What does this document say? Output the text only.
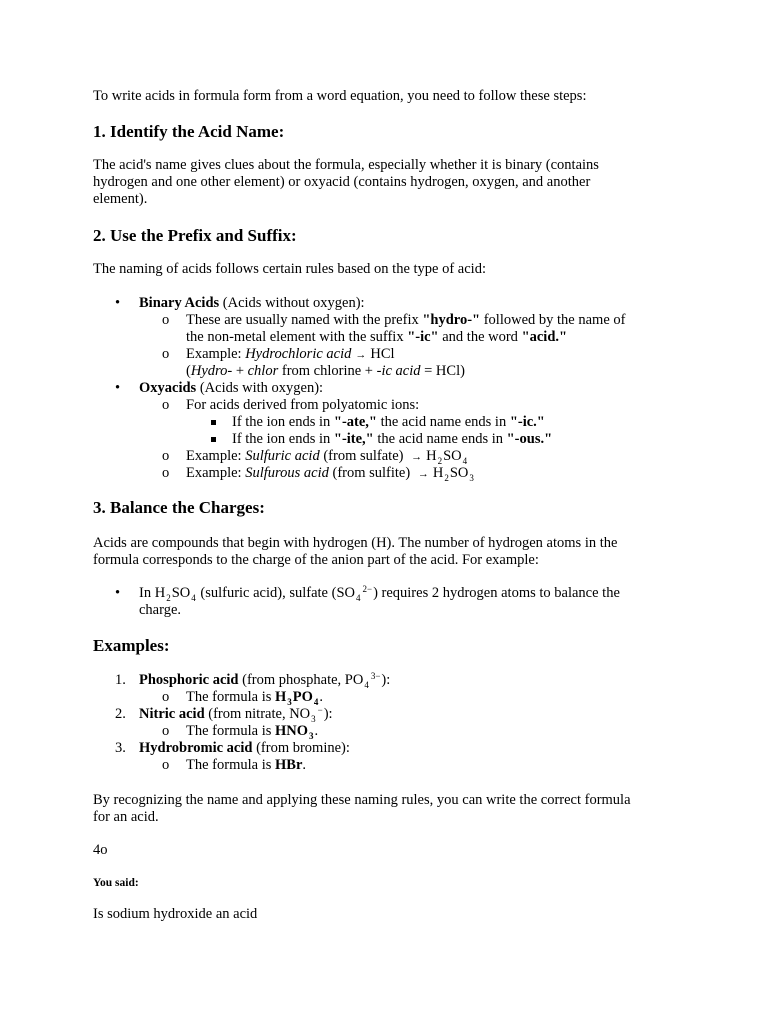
To write acids in formula form from a word equation, you need to follow these steps:

1. Identify the Acid Name:
The acid's name gives clues about the formula, especially whether it is binary (contains
hydrogen and one other element) or oxyacid (contains hydrogen, oxygen, and another
element).
2. Use the Prefix and Suffix:
The naming of acids follows certain rules based on the type of acid:
•	Binary Acids (Acids without oxygen):
o	These are usually named with the prefix "hydro-" followed by the name of
the non-metal element with the suffix "-ic" and the word "acid."
o	Example: Hydrochloric acid → HCl
(Hydro- + chlor from chlorine + -ic acid = HCl)
•	Oxyacids (Acids with oxygen):
o	For acids derived from polyatomic ions:
If the ion ends in "-ate," the acid name ends in "-ic."
If the ion ends in "-ite," the acid name ends in "-ous."
o	Example: Sulfuric acid (from sulfate) → $H_2SO_4$
o	Example: Sulfurous acid (from sulfite) → $H_2SO_3$
3. Balance the Charges:
Acids are compounds that begin with hydrogen (H). The number of hydrogen atoms in the
formula corresponds to the charge of the anion part of the acid. For example:
•	In $H_2SO_4$ (sulfuric acid), sulfate $(SO_4^{2-})$ requires 2 hydrogen atoms to balance the
charge.
Examples:
1. Phosphoric acid (from phosphate, $PO_4^{3-}$):
o	The formula is $H_3PO_4$.
2. Nitric acid (from nitrate, $NO_3^-$):
o	The formula is $HNO_3$.
3. Hydrobromic acid (from bromine):
o	The formula is HBr.
By recognizing the name and applying these naming rules, you can write the correct formula
for an acid.
4o
You said:
Is sodium hydroxide an acid
